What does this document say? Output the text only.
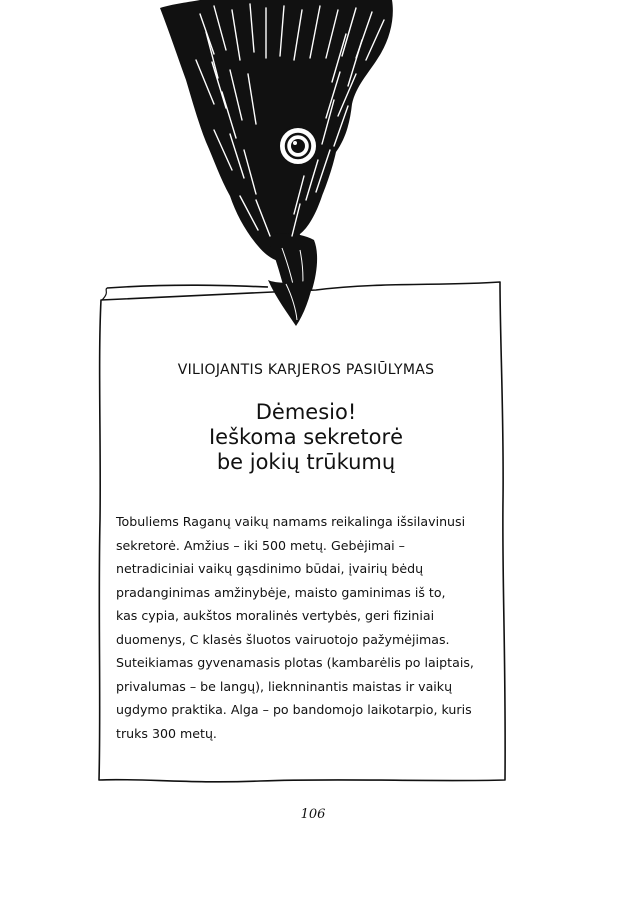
VILIOJANTIS KARJEROS PASIŪLYMAS
Dėmesio!
Ieškoma sekretorė
be jokių trūkumų
Tobuliems Raganų vaikų namams reikalinga išsilavinusi
sekretorė. Amžius – iki 500 metų. Gebėjimai –
netradiciniai vaikų gąsdinimo būdai, įvairių bėdų
pradanginimas amžinybėje, maisto gaminimas iš to,
kas cypia, aukštos moralinės vertybės, geri fiziniai
duomenys, C klasės šluotos vairuotojo pažymėjimas.
Suteikiamas gyvenamasis plotas (kambarėlis po laiptais,
privalumas – be langų), lieknninantis maistas ir vaikų
ugdymo praktika. Alga – po bandomojo laikotarpio, kuris
truks 300 metų.
106
